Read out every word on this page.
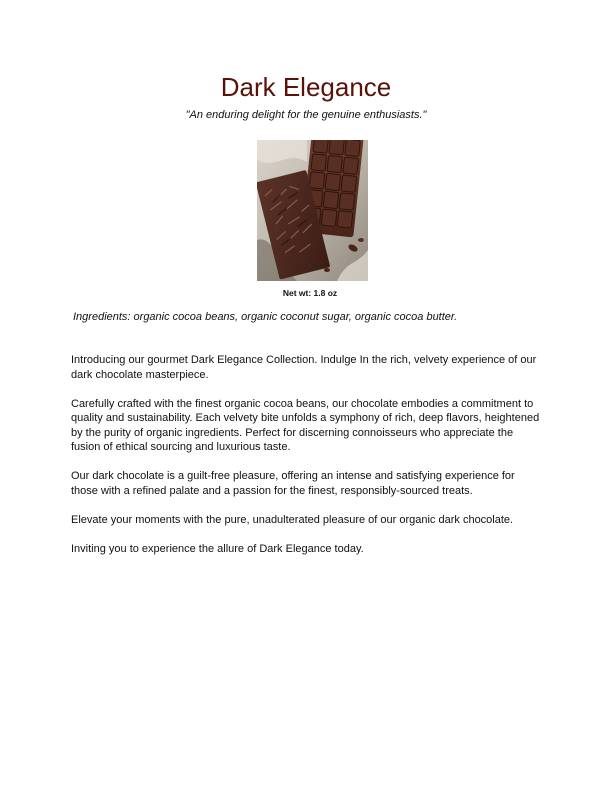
Dark Elegance
"An enduring delight for the genuine enthusiasts."
Net wt: 1.8 oz
Ingredients: organic cocoa beans, organic coconut sugar, organic cocoa butter.

Introducing our gourmet Dark Elegance Collection. Indulge In the rich, velvety experience of our dark chocolate masterpiece.

Carefully crafted with the finest organic cocoa beans, our chocolate embodies a commitment to quality and sustainability. Each velvety bite unfolds a symphony of rich, deep flavors, heightened by the purity of organic ingredients. Perfect for discerning connoisseurs who appreciate the fusion of ethical sourcing and luxurious taste.

Our dark chocolate is a guilt-free pleasure, offering an intense and satisfying experience for those with a refined palate and a passion for the finest, responsibly-sourced treats.

Elevate your moments with the pure, unadulterated pleasure of our organic dark chocolate.

Inviting you to experience the allure of Dark Elegance today.
